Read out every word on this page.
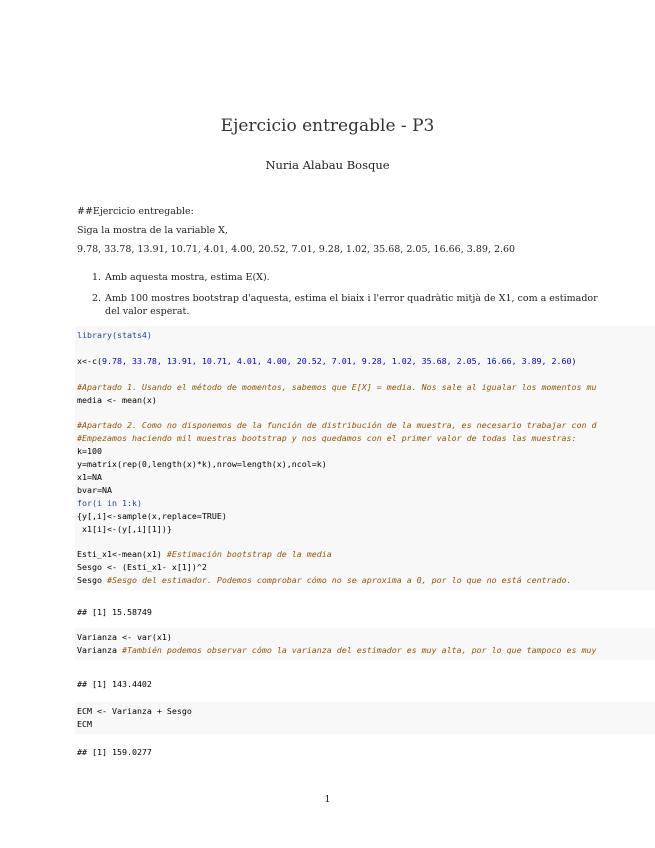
Ejercicio entregable - P3
Nuria Alabau Bosque
##Ejercicio entregable:
Siga la mostra de la variable X,
9.78, 33.78, 13.91, 10.71, 4.01, 4.00, 20.52, 7.01, 9.28, 1.02, 35.68, 2.05, 16.66, 3.89, 2.60
1. Amb aquesta mostra, estima E(X).
2. Amb 100 mostres bootstrap d'aquesta, estima el biaix i l'error quadràtic mitjà de X1, com a estimador
del valor esperat.
library(stats4)

x<-c(9.78, 33.78, 13.91, 10.71, 4.01, 4.00, 20.52, 7.01, 9.28, 1.02, 35.68, 2.05, 16.66, 3.89, 2.60)

#Apartado 1. Usando el método de momentos, sabemos que E[X] = media. Nos sale al igualar los momentos mu
media <- mean(x)

#Apartado 2. Como no disponemos de la función de distribución de la muestra, es necesario trabajar con d
#Empezamos haciendo mil muestras bootstrap y nos quedamos con el primer valor de todas las muestras:
k=100
y=matrix(rep(0,length(x)*k),nrow=length(x),ncol=k)
x1=NA
bvar=NA
for(i in 1:k)
{y[,i]<-sample(x,replace=TRUE)
x1[i]<-(y[,i][1])}

Esti_x1<-mean(x1) #Estimación bootstrap de la media
Sesgo <- (Esti_x1- x[1])^2
Sesgo #Sesgo del estimador. Podemos comprobar cómo no se aproxima a 0, por lo que no está centrado.
## [1] 15.58749
Varianza <- var(x1)
Varianza #También podemos observar cómo la varianza del estimador es muy alta, por lo que tampoco es muy
## [1] 143.4402
ECM <- Varianza + Sesgo
ECM
## [1] 159.0277
1
